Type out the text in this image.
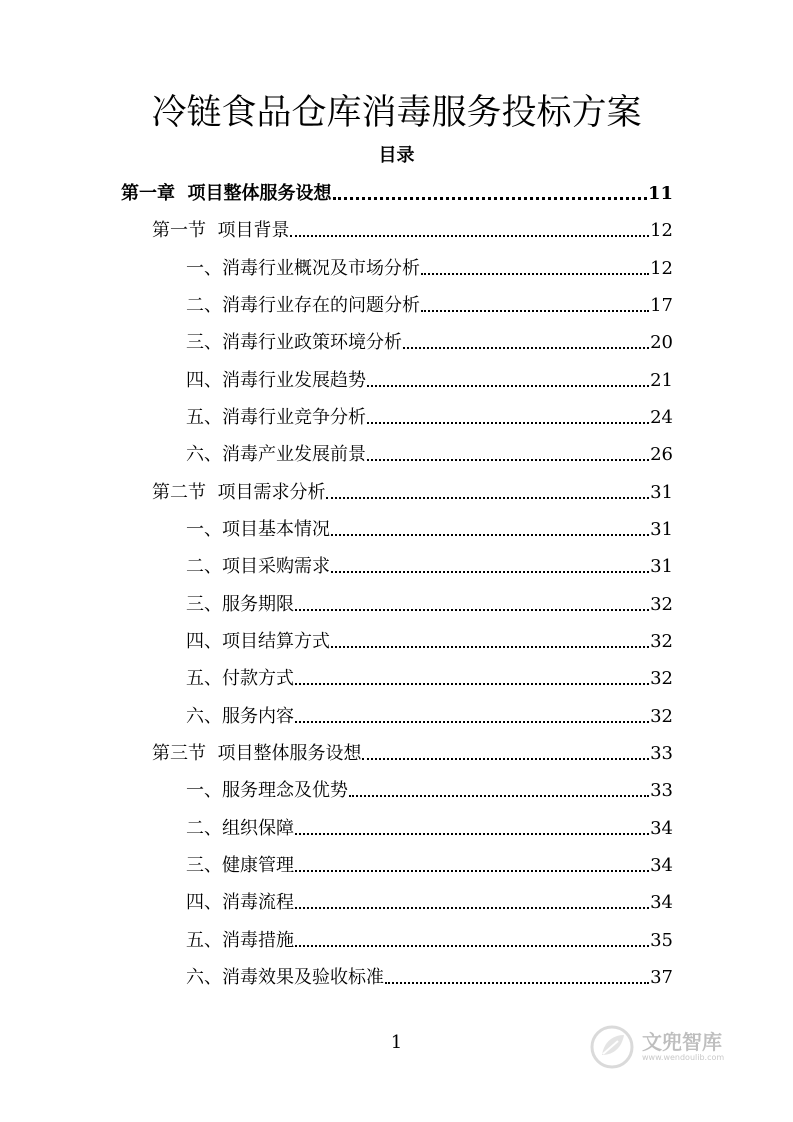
冷链食品仓库消毒服务投标方案
目录
第一章  项目整体服务设想	11
第一节  项目背景	12
一、消毒行业概况及市场分析	12
二、消毒行业存在的问题分析	17
三、消毒行业政策环境分析	20
四、消毒行业发展趋势	21
五、消毒行业竞争分析	24
六、消毒产业发展前景	26
第二节  项目需求分析	31
一、项目基本情况	31
二、项目采购需求	31
三、服务期限	32
四、项目结算方式	32
五、付款方式	32
六、服务内容	32
第三节  项目整体服务设想	33
一、服务理念及优势	33
二、组织保障	34
三、健康管理	34
四、消毒流程	34
五、消毒措施	35
六、消毒效果及验收标准	37
1	文兜智库
www.wendoulib.com
